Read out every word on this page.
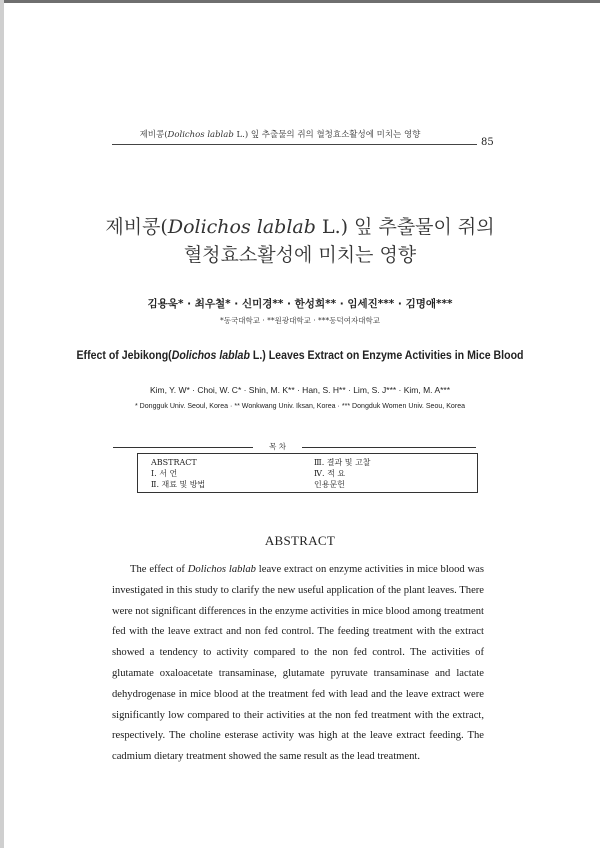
제비콩(Dolichos lablab L.) 잎 추출물의 쥐의 혈청효소활성에 미치는 영향
85
제비콩(Dolichos lablab L.) 잎 추출물이 쥐의
혈청효소활성에 미치는 영향
김용욱* · 최우철* · 신미경** · 한성희** · 임세진*** · 김명애***
*동국대학교 · **원광대학교 · ***동덕여자대학교
Effect of Jebikong(Dolichos lablab L.) Leaves Extract on Enzyme Activities in Mice Blood
Kim, Y. W* · Choi, W. C* · Shin, M. K** · Han, S. H** · Lim, S. J*** · Kim, M. A***
* Dongguk Univ. Seoul, Korea · ** Wonkwang Univ. Iksan, Korea · *** Dongduk Women Univ. Seou, Korea
목 차
ABSTRACT
Ⅰ. 서 언
Ⅱ. 재료 및 방법
Ⅲ. 결과 및 고찰
Ⅳ. 적 요
인용문헌
ABSTRACT

The effect of Dolichos lablab leave extract on enzyme activities in mice blood was investigated in this study to clarify the new useful application of the plant leaves. There were not significant differences in the enzyme activities in mice blood among treatment fed with the leave extract and non fed control. The feeding treatment with the extract showed a tendency to activity compared to the non fed control. The activities of glutamate oxaloacetate transaminase, glutamate pyruvate transaminase and lactate dehydrogenase in mice blood at the treatment fed with lead and the leave extract were significantly low compared to their activities at the non fed treatment with the extract, respectively. The choline esterase activity was high at the leave extract feeding. The cadmium dietary treatment showed the same result as the lead treatment.
